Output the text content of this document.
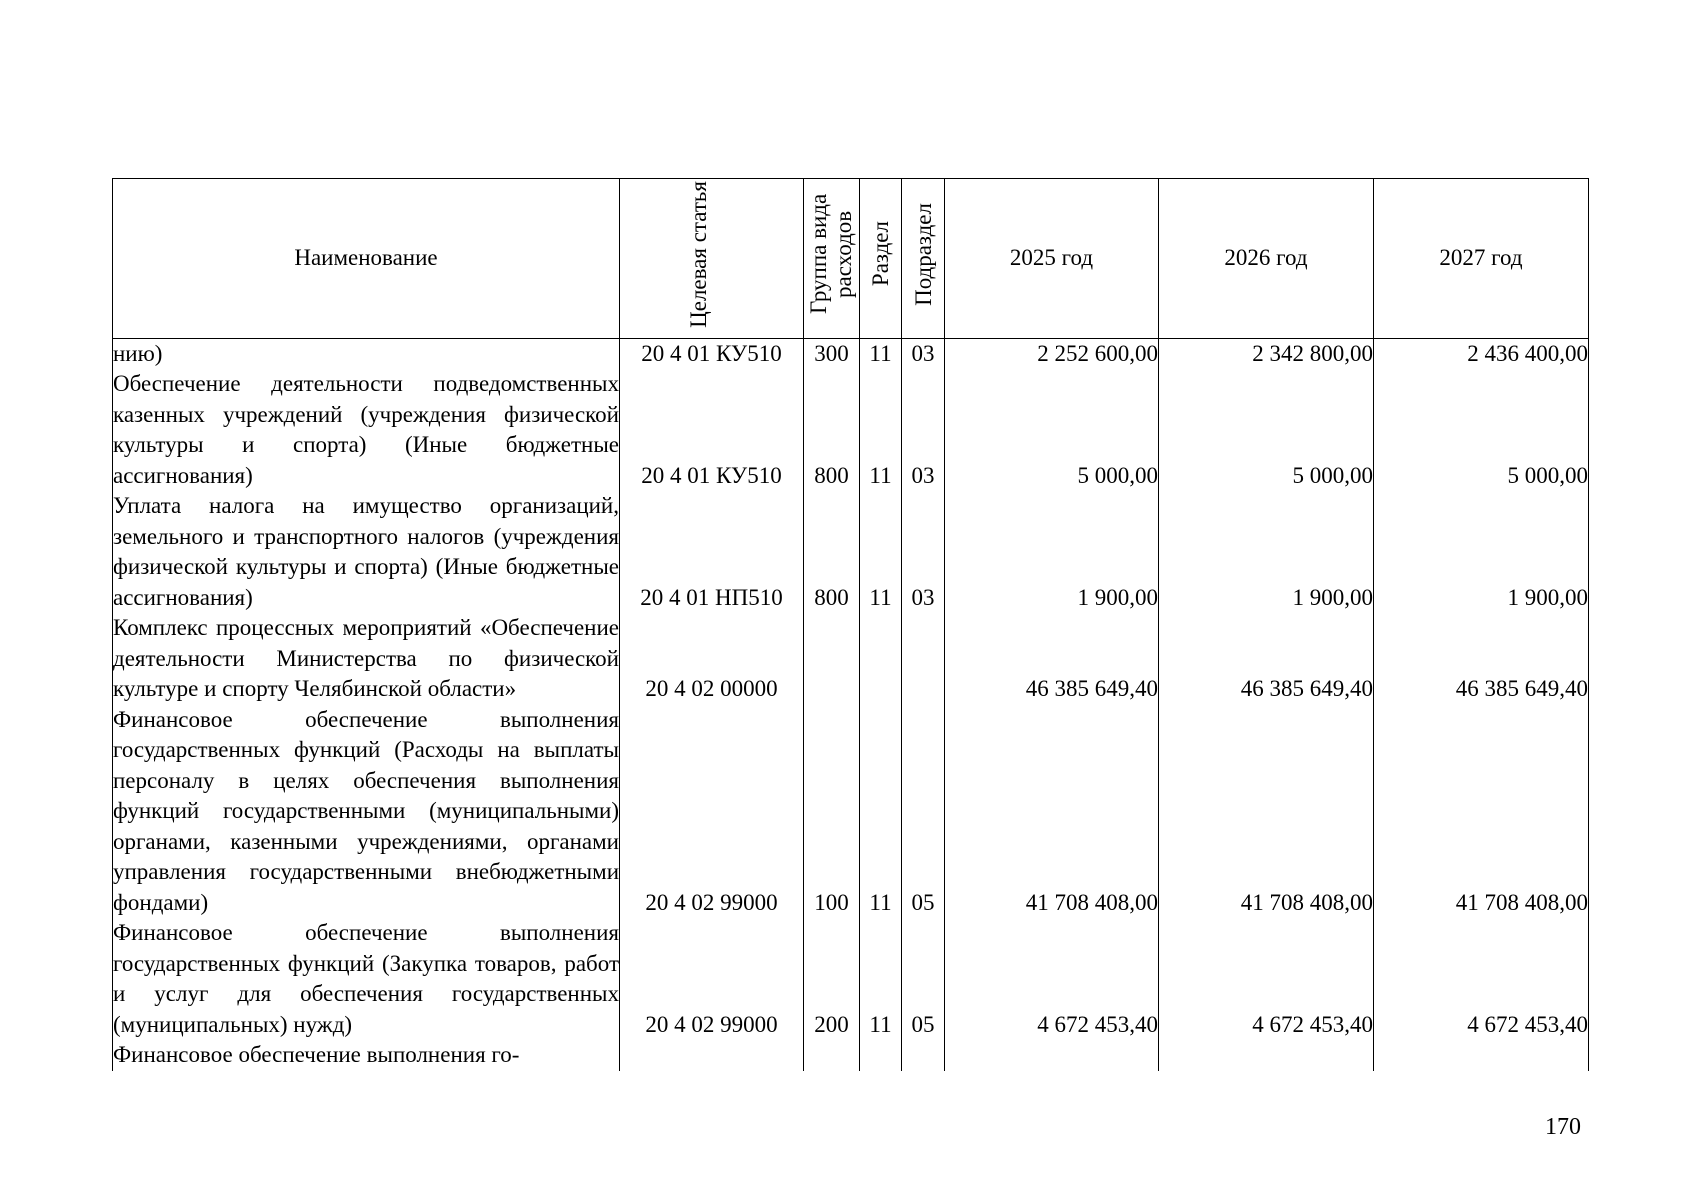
Наименование	Целевая статья	Группа вида расходов	Раздел	Подраздел	2025 год	2026 год	2027 год
нию)	20 4 01 КУ510	300	11	03	2 252 600,00	2 342 800,00	2 436 400,00
Обеспечение деятельности подведомственных казенных учреждений (учреждения физической культуры и спорта) (Иные бюджетные ассигнования)	20 4 01 КУ510	800	11	03	5 000,00	5 000,00	5 000,00
Уплата налога на имущество организаций, земельного и транспортного налогов (учреждения физической культуры и спорта) (Иные бюджетные ассигнования)	20 4 01 НП510	800	11	03	1 900,00	1 900,00	1 900,00
Комплекс процессных мероприятий «Обеспечение деятельности Министерства по физической культуре и спорту Челябинской области»	20 4 02 00000				46 385 649,40	46 385 649,40	46 385 649,40
Финансовое обеспечение выполнения государственных функций (Расходы на выплаты персоналу в целях обеспечения выполнения функций государственными (муниципальными) органами, казенными учреждениями, органами управления государственными внебюджетными фондами)	20 4 02 99000	100	11	05	41 708 408,00	41 708 408,00	41 708 408,00
Финансовое обеспечение выполнения государственных функций (Закупка товаров, работ и услуг для обеспечения государственных (муниципальных) нужд)	20 4 02 99000	200	11	05	4 672 453,40	4 672 453,40	4 672 453,40
Финансовое обеспечение выполнения го-							
170
